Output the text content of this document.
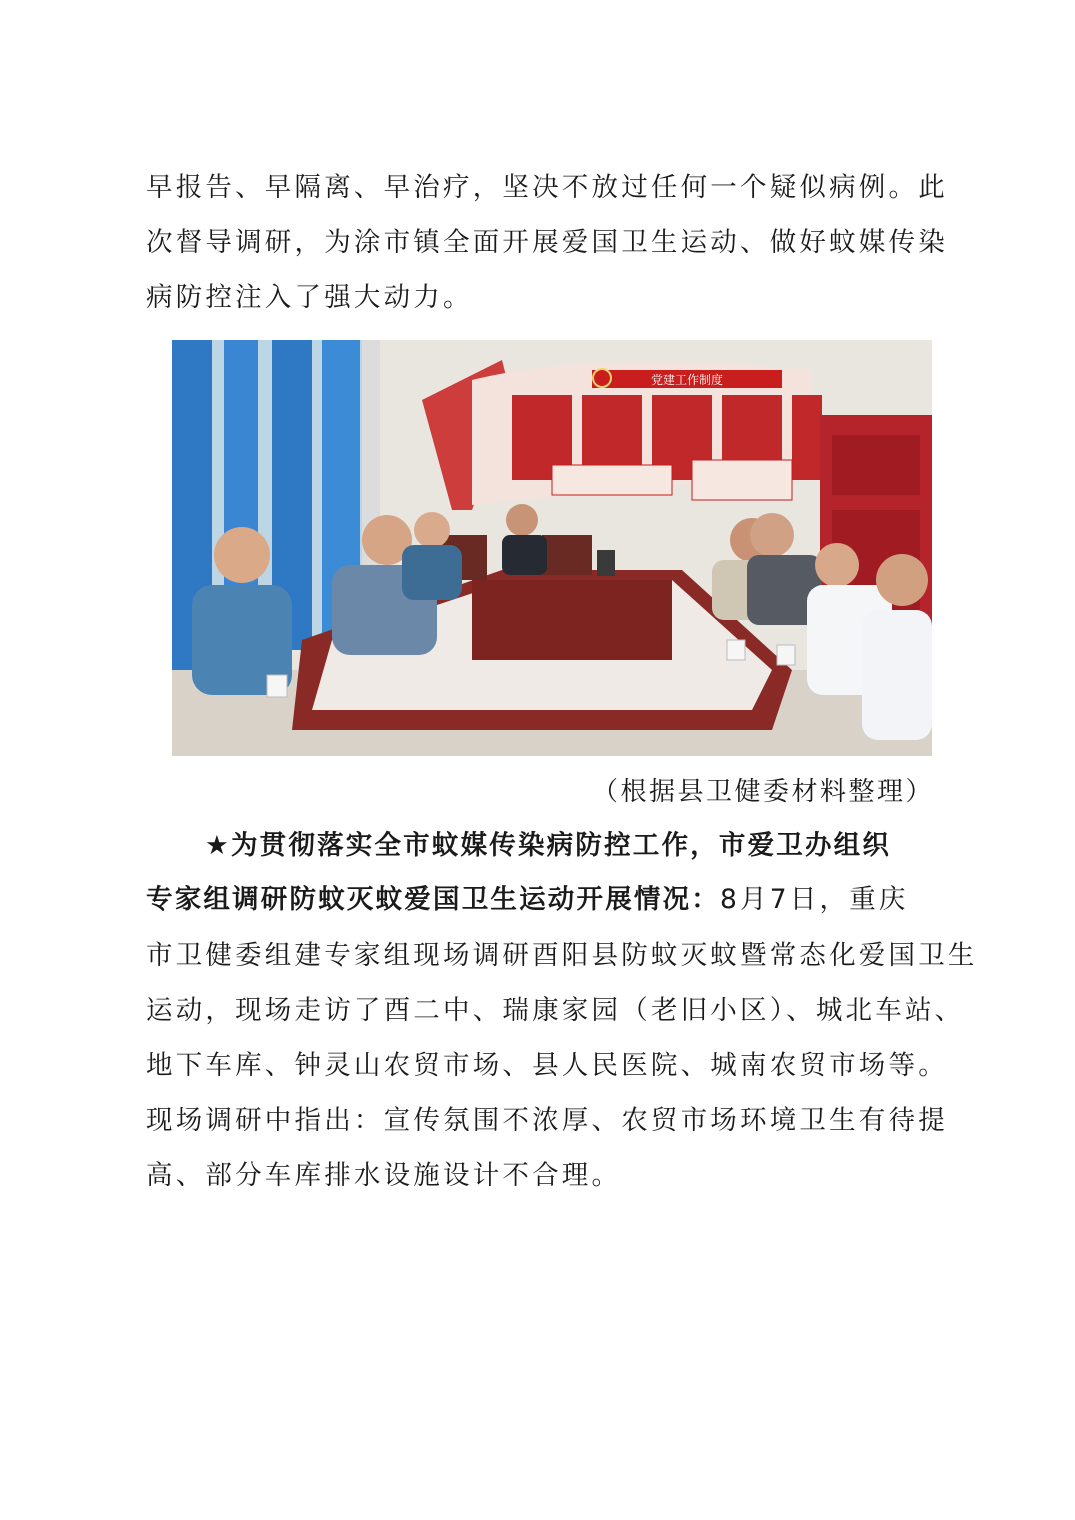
早报告、早隔离、早治疗，坚决不放过任何一个疑似病例。此
次督导调研，为涂市镇全面开展爱国卫生运动、做好蚊媒传染
病防控注入了强大动力。
党建工作制度
（根据县卫健委材料整理）
★为贯彻落实全市蚊媒传染病防控工作，市爱卫办组织
专家组调研防蚊灭蚊爱国卫生运动开展情况：8月7日，重庆
市卫健委组建专家组现场调研酉阳县防蚊灭蚊暨常态化爱国卫生
运动，现场走访了酉二中、瑞康家园（老旧小区）、城北车站、
地下车库、钟灵山农贸市场、县人民医院、城南农贸市场等。
现场调研中指出：宣传氛围不浓厚、农贸市场环境卫生有待提
高、部分车库排水设施设计不合理。
